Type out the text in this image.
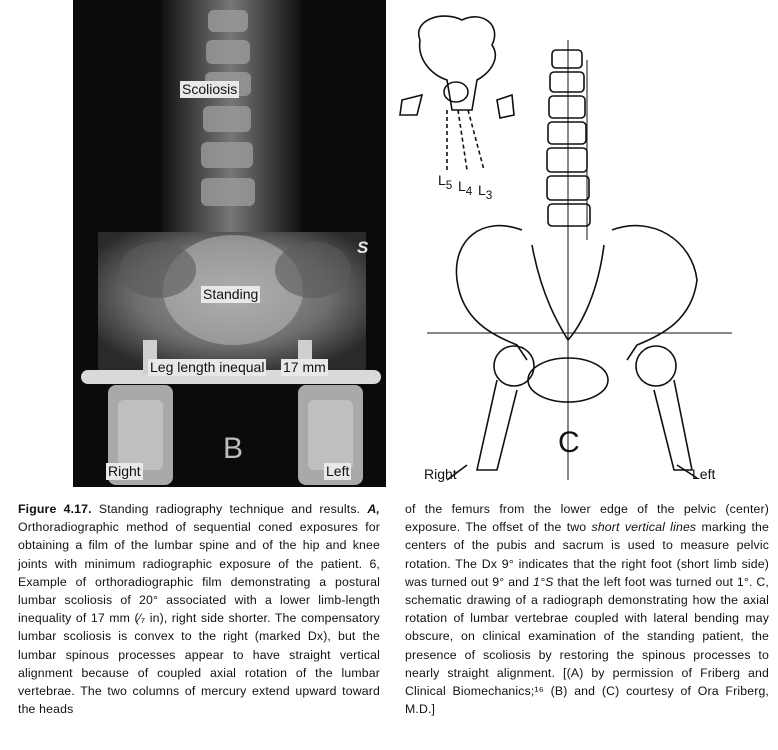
Scoliosis
S
Standing
Leg length inequal 17 mm
B
Right	Left
$L_5$ $L_4$ $L_3$
C
Right	Left
Figure 4.17. Standing radiography technique and results. A, Orthoradiographic method of sequential coned exposures for obtaining a film of the lumbar spine and of the hip and knee joints with minimum radiographic exposure of the patient. 6, Example of orthoradiographic film demonstrating a postural lumbar scoliosis of 20° associated with a lower limb-length inequality of 17 mm (⁄₇ in), right side shorter. The compensatory lumbar scoliosis is convex to the right (marked Dx), but the lumbar spinous processes appear to have straight vertical alignment because of coupled axial rotation of the lumbar vertebrae. The two columns of mercury extend upward toward the heads
of the femurs from the lower edge of the pelvic (center) exposure. The offset of the two short vertical lines marking the centers of the pubis and sacrum is used to measure pelvic rotation. The Dx 9° indicates that the right foot (short limb side) was turned out 9° and 1°S that the left foot was turned out 1°. C, schematic drawing of a radiograph demonstrating how the axial rotation of lumbar vertebrae coupled with lateral bending may obscure, on clinical examination of the standing patient, the presence of scoliosis by restoring the spinous processes to nearly straight alignment. [(A) by permission of Friberg and Clinical Biomechanics;¹⁶ (B) and (C) courtesy of Ora Friberg, M.D.]
